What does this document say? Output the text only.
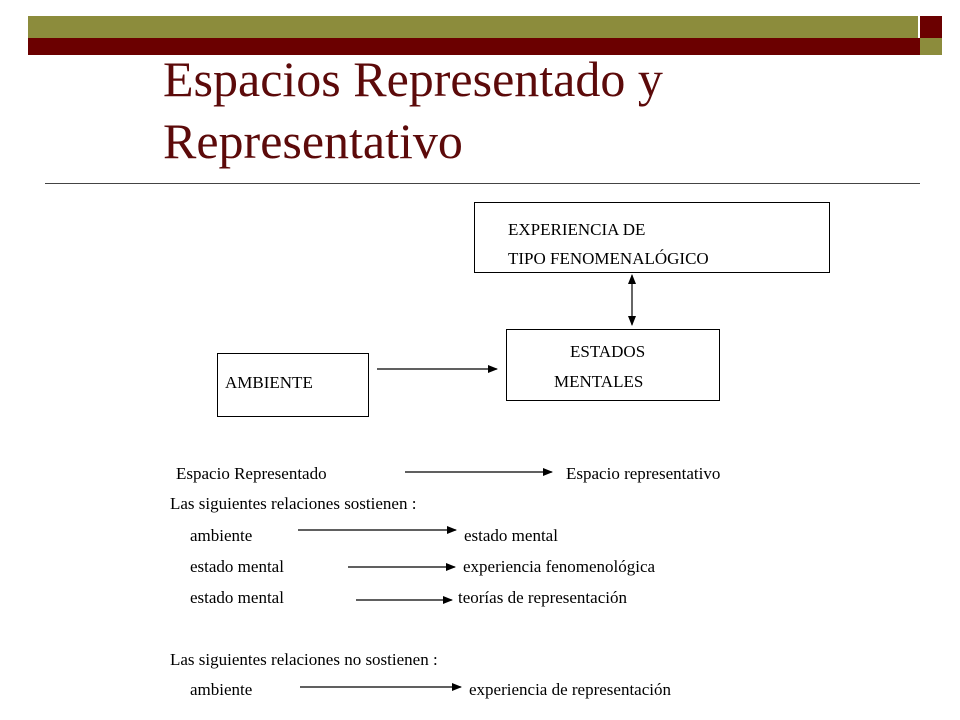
Espacios Representado y
Representativo
EXPERIENCIA DE
TIPO FENOMENALÓGICO
ESTADOS
MENTALES
AMBIENTE
Espacio Representado	Espacio representativo
Las siguientes relaciones sostienen :
ambiente	estado mental
estado mental	experiencia fenomenológica
estado mental	teorías de representación
Las siguientes relaciones no sostienen :
ambiente	experiencia de representación
